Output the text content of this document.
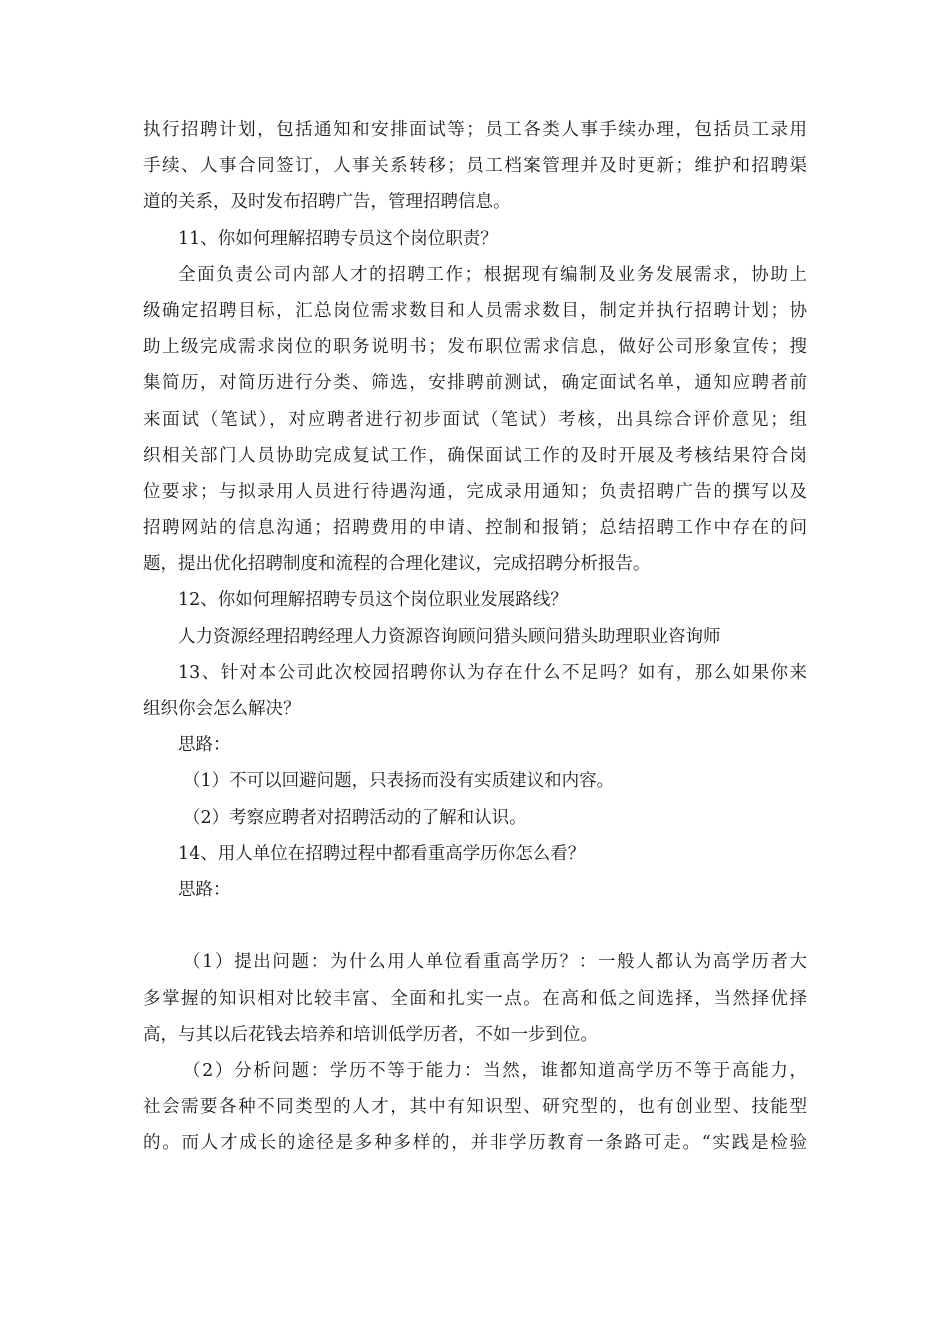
执行招聘计划，包括通知和安排面试等；员工各类人事手续办理，包括员工录用

手续、人事合同签订，人事关系转移；员工档案管理并及时更新；维护和招聘渠

道的关系，及时发布招聘广告，管理招聘信息。

11、你如何理解招聘专员这个岗位职责？

全面负责公司内部人才的招聘工作；根据现有编制及业务发展需求，协助上

级确定招聘目标，汇总岗位需求数目和人员需求数目，制定并执行招聘计划；协

助上级完成需求岗位的职务说明书；发布职位需求信息，做好公司形象宣传；搜

集简历，对简历进行分类、筛选，安排聘前测试，确定面试名单，通知应聘者前

来面试（笔试），对应聘者进行初步面试（笔试）考核，出具综合评价意见；组

织相关部门人员协助完成复试工作，确保面试工作的及时开展及考核结果符合岗

位要求；与拟录用人员进行待遇沟通，完成录用通知；负责招聘广告的撰写以及

招聘网站的信息沟通；招聘费用的申请、控制和报销；总结招聘工作中存在的问

题，提出优化招聘制度和流程的合理化建议，完成招聘分析报告。

12、你如何理解招聘专员这个岗位职业发展路线？

人力资源经理招聘经理人力资源咨询顾问猎头顾问猎头助理职业咨询师

13、针对本公司此次校园招聘你认为存在什么不足吗？如有，那么如果你来

组织你会怎么解决？

思路：

（1）不可以回避问题，只表扬而没有实质建议和内容。

（2）考察应聘者对招聘活动的了解和认识。

14、用人单位在招聘过程中都看重高学历你怎么看？

思路：

（1）提出问题：为什么用人单位看重高学历？：一般人都认为高学历者大

多掌握的知识相对比较丰富、全面和扎实一点。在高和低之间选择，当然择优择

高，与其以后花钱去培养和培训低学历者，不如一步到位。

（2）分析问题：学历不等于能力：当然，谁都知道高学历不等于高能力，

社会需要各种不同类型的人才，其中有知识型、研究型的，也有创业型、技能型

的。而人才成长的途径是多种多样的，并非学历教育一条路可走。“实践是检验
